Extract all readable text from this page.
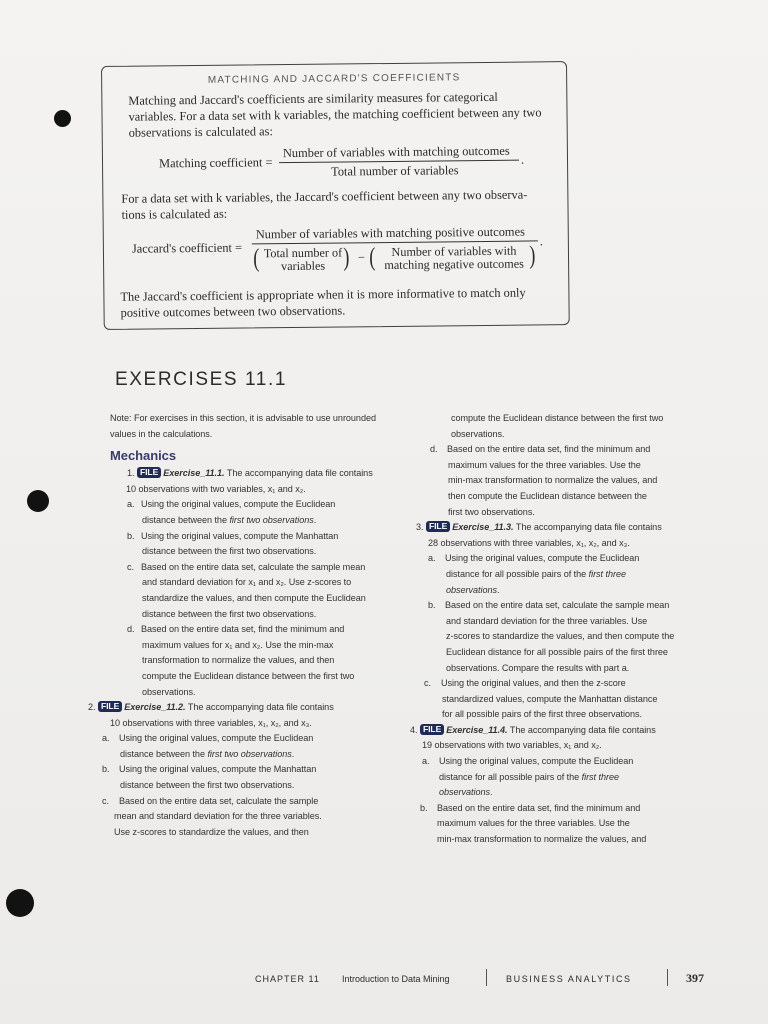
MATCHING AND JACCARD'S COEFFICIENTS
Matching and Jaccard's coefficients are similarity measures for categorical
variables. For a data set with k variables, the matching coefficient between any two
observations is calculated as:
Matching coefficient =
Number of variables with matching outcomes
Total number of variables
.
For a data set with k variables, the Jaccard's coefficient between any two observa-
tions is calculated as:
Jaccard's coefficient =
Number of variables with matching positive outcomes
( Total number of
variables ) − (	Number of variables with
matching negative outcomes ) .
The Jaccard's coefficient is appropriate when it is more informative to match only
positive outcomes between two observations.
EXERCISES 11.1
Note: For exercises in this section, it is advisable to use unrounded
values in the calculations.
Mechanics
1. FILE Exercise_11.1. The accompanying data file contains
10 observations with two variables, x₁ and x₂.
a. Using the original values, compute the Euclidean
distance between the first two observations.
b. Using the original values, compute the Manhattan
distance between the first two observations.
c. Based on the entire data set, calculate the sample mean
and standard deviation for x₁ and x₂. Use z-scores to
standardize the values, and then compute the Euclidean
distance between the first two observations.
d. Based on the entire data set, find the minimum and
maximum values for x₁ and x₂. Use the min-max
transformation to normalize the values, and then
compute the Euclidean distance between the first two
observations.
2. FILE Exercise_11.2. The accompanying data file contains
10 observations with three variables, x₁, x₂, and x₃.
a. Using the original values, compute the Euclidean
distance between the first two observations.
b. Using the original values, compute the Manhattan
distance between the first two observations.
c. Based on the entire data set, calculate the sample
mean and standard deviation for the three variables.
Use z-scores to standardize the values, and then
compute the Euclidean distance between the first two
observations.
d. Based on the entire data set, find the minimum and
maximum values for the three variables. Use the
min-max transformation to normalize the values, and
then compute the Euclidean distance between the
first two observations.
3. FILE Exercise_11.3. The accompanying data file contains
28 observations with three variables, x₁, x₂, and x₃.
a. Using the original values, compute the Euclidean
distance for all possible pairs of the first three
observations.
b. Based on the entire data set, calculate the sample mean
and standard deviation for the three variables. Use
z-scores to standardize the values, and then compute the
Euclidean distance for all possible pairs of the first three
observations. Compare the results with part a.
c. Using the original values, and then the z-score
standardized values, compute the Manhattan distance
for all possible pairs of the first three observations.
4. FILE Exercise_11.4. The accompanying data file contains
19 observations with two variables, x₁ and x₂.
a. Using the original values, compute the Euclidean
distance for all possible pairs of the first three
observations.
b. Based on the entire data set, find the minimum and
maximum values for the three variables. Use the
min-max transformation to normalize the values, and
CHAPTER 11 Introduction to Data Mining	BUSINESS ANALYTICS	397
